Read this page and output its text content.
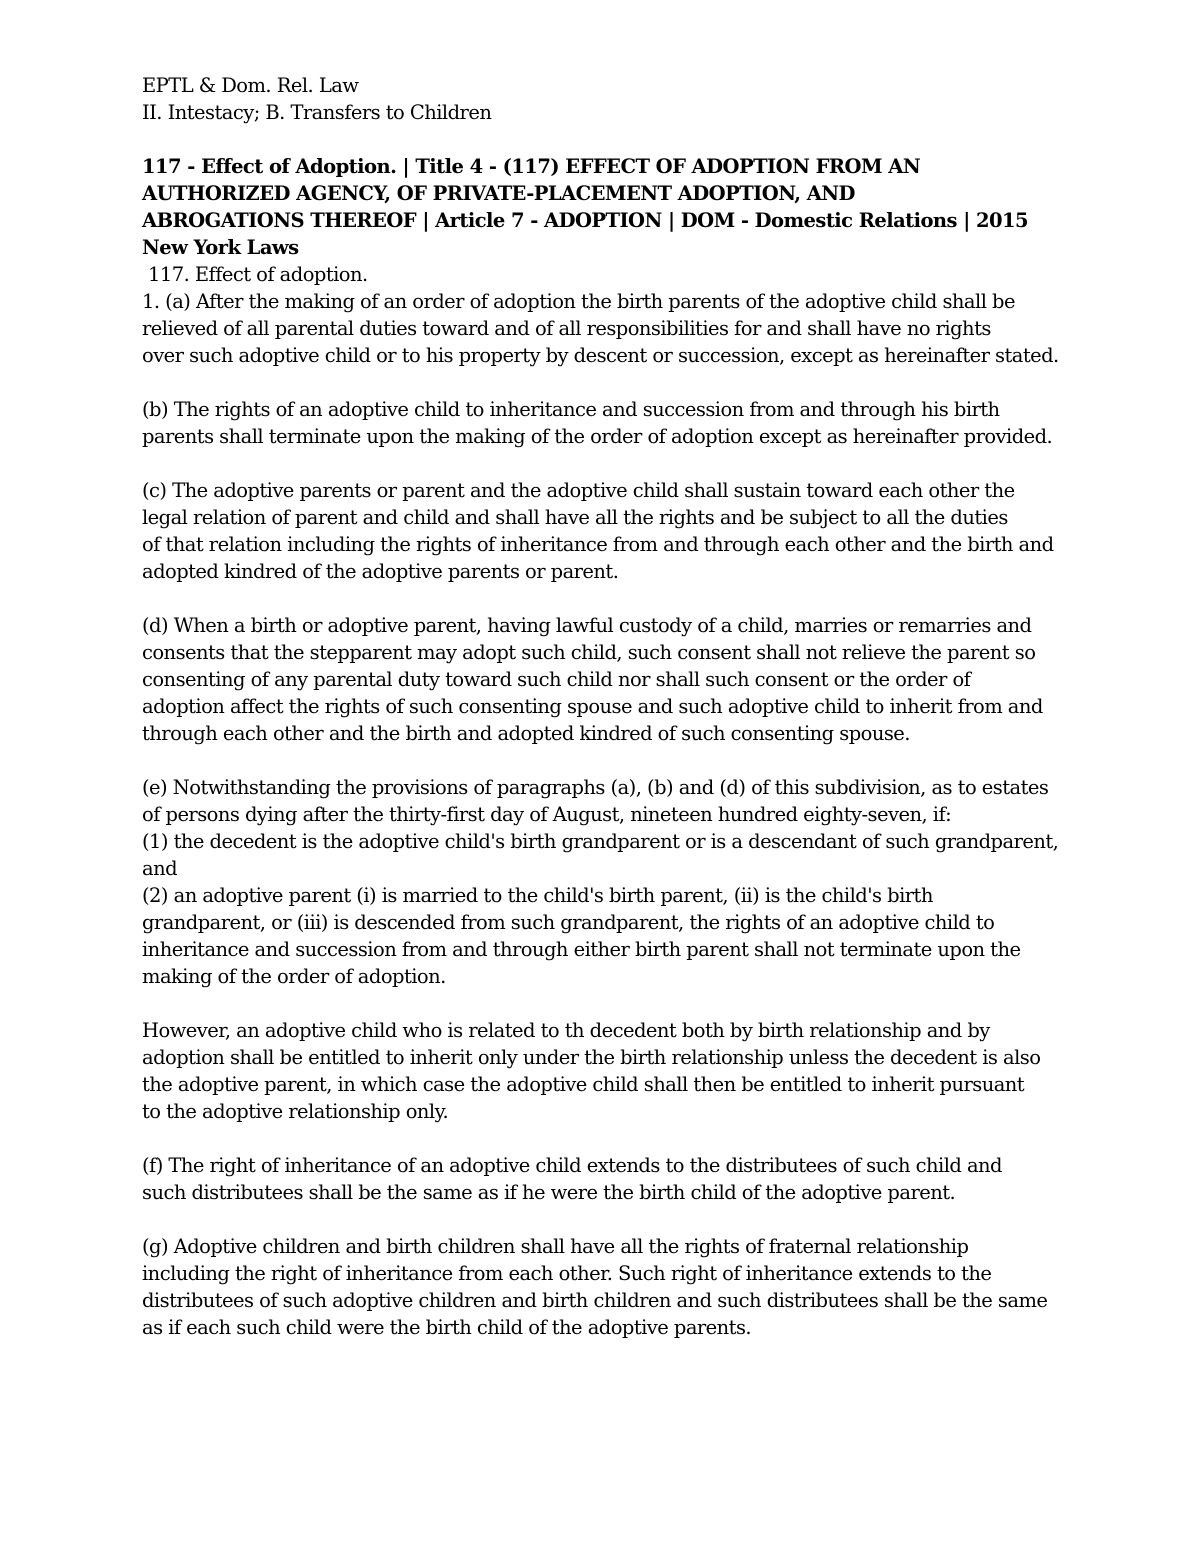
EPTL & Dom. Rel. Law
II. Intestacy; B. Transfers to Children
117 - Effect of Adoption. | Title 4 - (117) EFFECT OF ADOPTION FROM AN
AUTHORIZED AGENCY, OF PRIVATE-PLACEMENT ADOPTION, AND
ABROGATIONS THEREOF | Article 7 - ADOPTION | DOM - Domestic Relations | 2015
New York Laws
117. Effect of adoption.
1. (a) After the making of an order of adoption the birth parents of the adoptive child shall be
relieved of all parental duties toward and of all responsibilities for and shall have no rights
over such adoptive child or to his property by descent or succession, except as hereinafter stated.
(b) The rights of an adoptive child to inheritance and succession from and through his birth
parents shall terminate upon the making of the order of adoption except as hereinafter provided.
(c) The adoptive parents or parent and the adoptive child shall sustain toward each other the
legal relation of parent and child and shall have all the rights and be subject to all the duties
of that relation including the rights of inheritance from and through each other and the birth and
adopted kindred of the adoptive parents or parent.
(d) When a birth or adoptive parent, having lawful custody of a child, marries or remarries and
consents that the stepparent may adopt such child, such consent shall not relieve the parent so
consenting of any parental duty toward such child nor shall such consent or the order of
adoption affect the rights of such consenting spouse and such adoptive child to inherit from and
through each other and the birth and adopted kindred of such consenting spouse.
(e) Notwithstanding the provisions of paragraphs (a), (b) and (d) of this subdivision, as to estates
of persons dying after the thirty-first day of August, nineteen hundred eighty-seven, if:
(1) the decedent is the adoptive child's birth grandparent or is a descendant of such grandparent,
and
(2) an adoptive parent (i) is married to the child's birth parent, (ii) is the child's birth
grandparent, or (iii) is descended from such grandparent, the rights of an adoptive child to
inheritance and succession from and through either birth parent shall not terminate upon the
making of the order of adoption.
However, an adoptive child who is related to th decedent both by birth relationship and by
adoption shall be entitled to inherit only under the birth relationship unless the decedent is also
the adoptive parent, in which case the adoptive child shall then be entitled to inherit pursuant
to the adoptive relationship only.
(f) The right of inheritance of an adoptive child extends to the distributees of such child and
such distributees shall be the same as if he were the birth child of the adoptive parent.
(g) Adoptive children and birth children shall have all the rights of fraternal relationship
including the right of inheritance from each other. Such right of inheritance extends to the
distributees of such adoptive children and birth children and such distributees shall be the same
as if each such child were the birth child of the adoptive parents.
